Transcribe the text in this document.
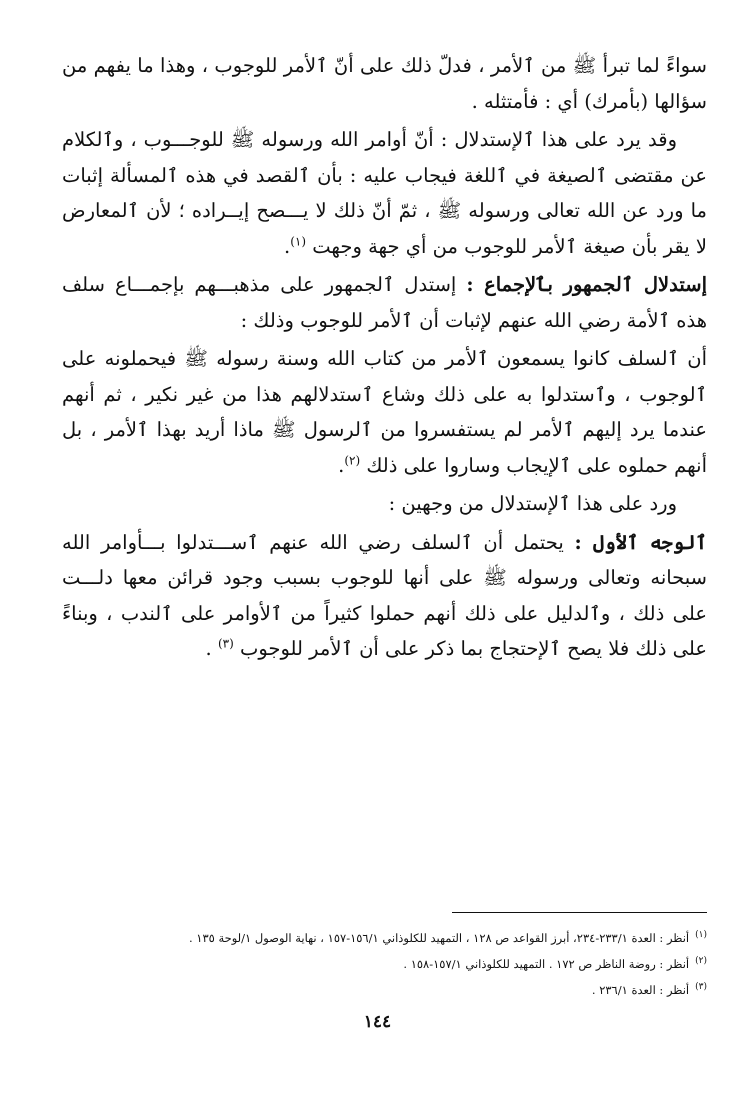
سواءً لما تبرأ ﷺ من ٱلأمر ، فدلّ ذلك على أنّ ٱلأمر للوجوب ، وهذا ما يفهم من سؤالها (بأمرك) أي : فأمتثله .

وقد يرد على هذا ٱلإستدلال : أنّ أوامر الله ورسوله ﷺ للوجـــوب ، وٱلكلام عن مقتضى ٱلصيغة في ٱللغة فيجاب عليه : بأن ٱلقصد في هذه ٱلمسألة إثبات ما ورد عن الله تعالى ورسوله ﷺ ، ثمّ أنّ ذلك لا يـــصح إيــراده ؛ لأن ٱلمعارض لا يقر بأن صيغة ٱلأمر للوجوب من أي جهة وجهت $^{(١)}$.

إستدلال ٱلجمهور بٱلإجماع : إستدل ٱلجمهور على مذهبـــهم بإجمـــاع سلف هذه ٱلأمة رضي الله عنهم لإثبات أن ٱلأمر للوجوب وذلك :

أن ٱلسلف كانوا يسمعون ٱلأمر من كتاب الله وسنة رسوله ﷺ فيحملونه على ٱلوجوب ، وٱستدلوا به على ذلك وشاع ٱستدلالهم هذا من غير نكير ، ثم أنهم عندما يرد إليهم ٱلأمر لم يستفسروا من ٱلرسول ﷺ ماذا أريد بهذا ٱلأمر ، بل أنهم حملوه على ٱلإيجاب وساروا على ذلك $^{(٢)}$.

ورد على هذا ٱلإستدلال من وجهين :

ٱلوجه ٱلأول : يحتمل أن ٱلسلف رضي الله عنهم ٱســـتدلوا بـــأوامر الله سبحانه وتعالى ورسوله ﷺ على أنها للوجوب بسبب وجود قرائن معها دلـــت على ذلك ، وٱلدليل على ذلك أنهم حملوا كثيراً من ٱلأوامر على ٱلندب ، وبناءً على ذلك فلا يصح ٱلإحتجاج بما ذكر على أن ٱلأمر للوجوب $^{(٣)}$ .

$^{(١)}$أنظر : العدة ٢٣٣/١-٢٣٤، أبرز القواعد ص ١٢٨ ، التمهيد للكلوذاني ١٥٦/١-١٥٧ ، نهاية الوصول ١/لوحة ١٣٥ .
$^{(٢)}$أنظر : روضة الناظر ص ١٧٢ . التمهيد للكلوذاني ١٥٧/١-١٥٨ .
$^{(٣)}$أنظر : العدة ٢٣٦/١ .
١٤٤
